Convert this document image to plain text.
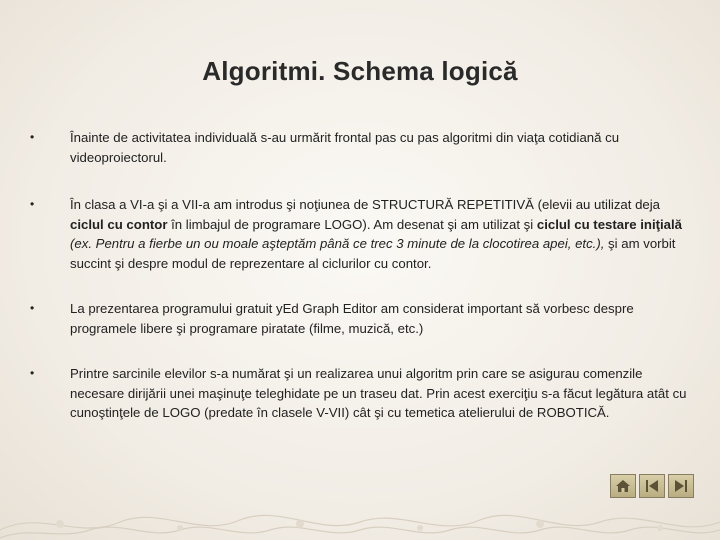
Algoritmi. Schema logică
•	Înainte de activitatea individuală s-au urmărit frontal pas cu pas algoritmi din viaţa cotidiană cu videoproiectorul.
•	În clasa a VI-a şi a VII-a am introdus şi noţiunea de STRUCTURĂ REPETITIVĂ (elevii au utilizat deja ciclul cu contor în limbajul de programare LOGO). Am desenat şi am utilizat şi ciclul cu testare iniţială (ex. Pentru a fierbe un ou moale aşteptăm până ce trec 3 minute de la clocotirea apei, etc.), şi am vorbit succint şi despre modul de reprezentare al ciclurilor cu contor.
•	La prezentarea programului gratuit yEd Graph Editor am considerat important să vorbesc despre programele libere şi programare piratate (filme, muzică, etc.)
•	Printre sarcinile elevilor s-a numărat şi un realizarea unui algoritm prin care se asigurau comenzile necesare dirijării unei maşinuţe teleghidate pe un traseu dat. Prin acest exerciţiu s-a făcut legătura atât cu cunoştinţele de LOGO (predate în clasele V-VII) cât şi cu temetica atelierului de ROBOTICĂ.
